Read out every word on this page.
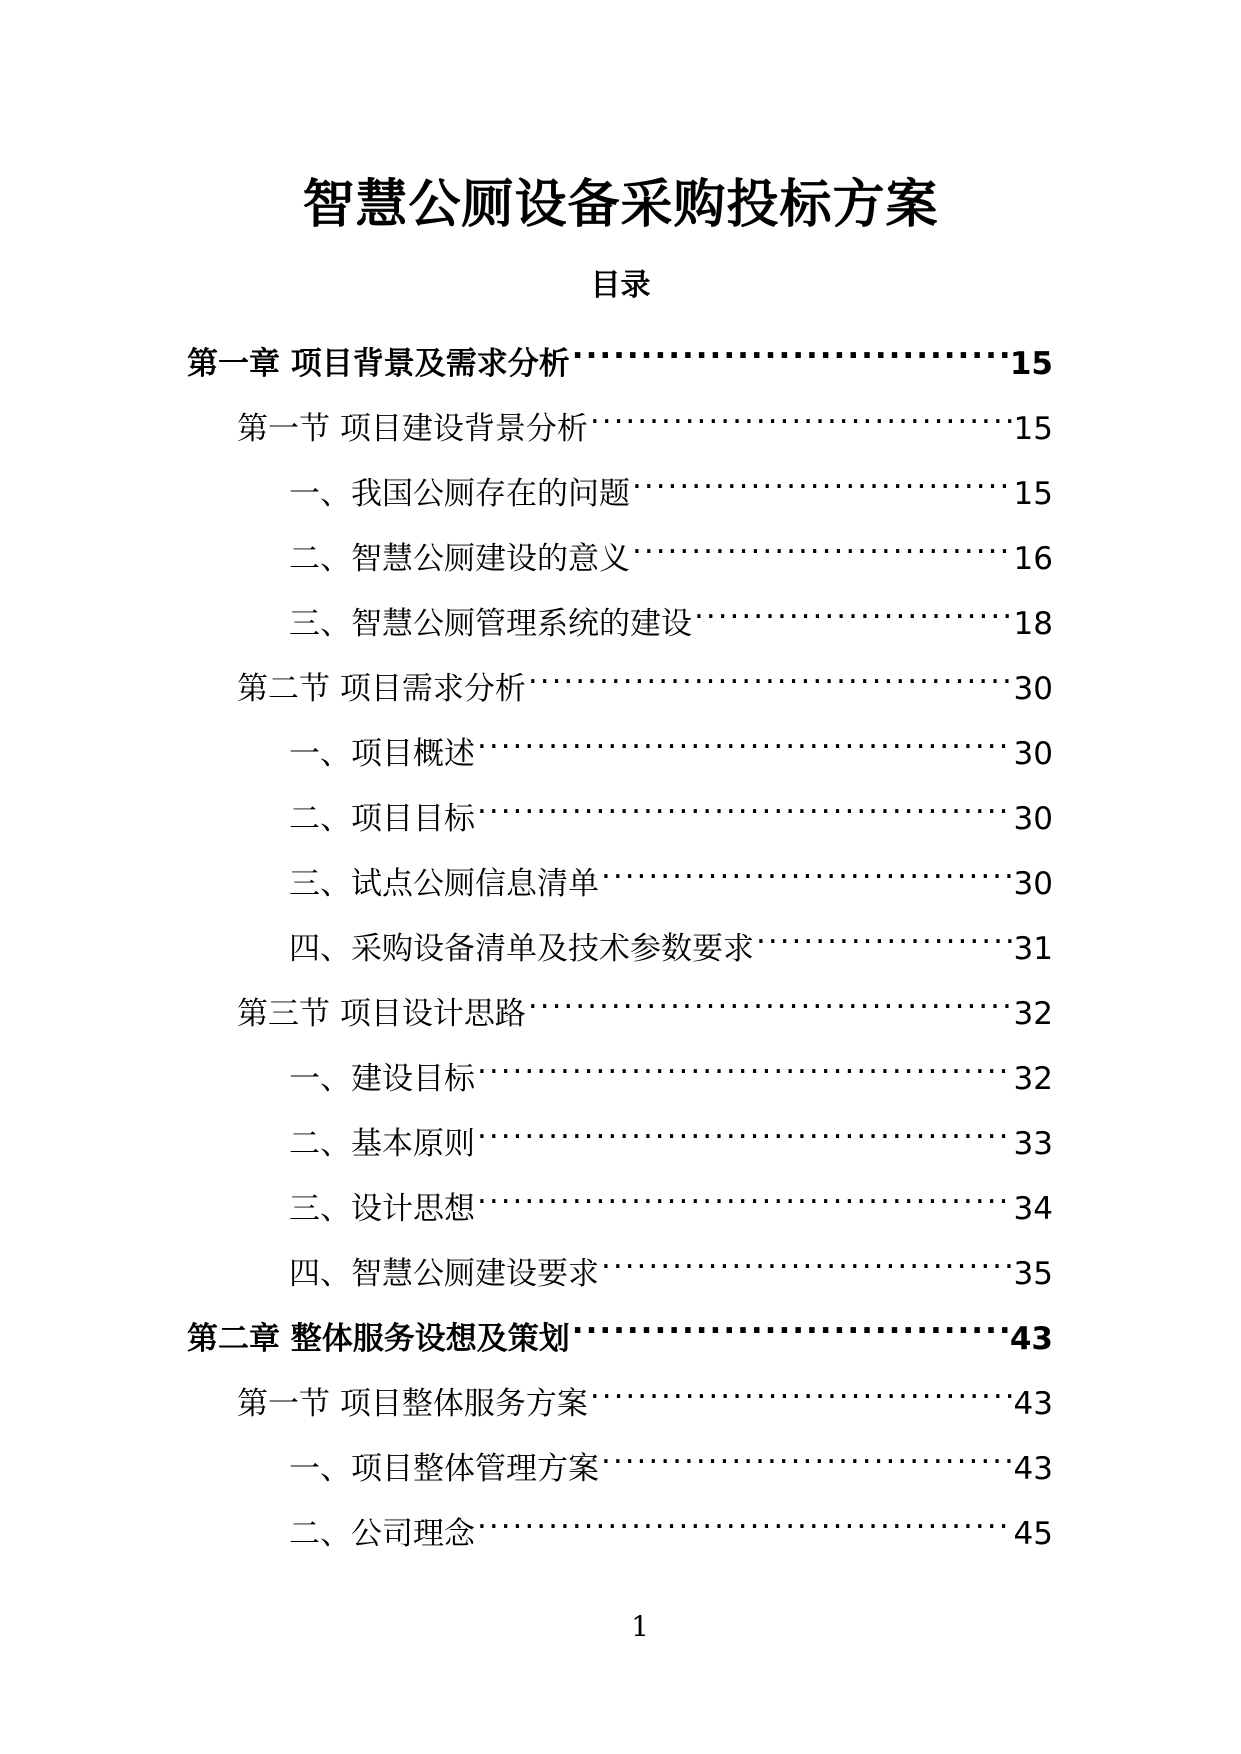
智慧公厕设备采购投标方案
目录
第一章 项目背景及需求分析 .....	15
第一节 项目建设背景分析 .....	15
一、我国公厕存在的问题 .....	15
二、智慧公厕建设的意义 .....	16
三、智慧公厕管理系统的建设 .....	18
第二节 项目需求分析 .....	30
一、项目概述 .....	30
二、项目目标 .....	30
三、试点公厕信息清单 .....	30
四、采购设备清单及技术参数要求 .....	31
第三节 项目设计思路 .....	32
一、建设目标 .....	32
二、基本原则 .....	33
三、设计思想 .....	34
四、智慧公厕建设要求 .....	35
第二章 整体服务设想及策划 .....	43
第一节 项目整体服务方案 .....	43
一、项目整体管理方案 .....	43
二、公司理念 .....	45
1
